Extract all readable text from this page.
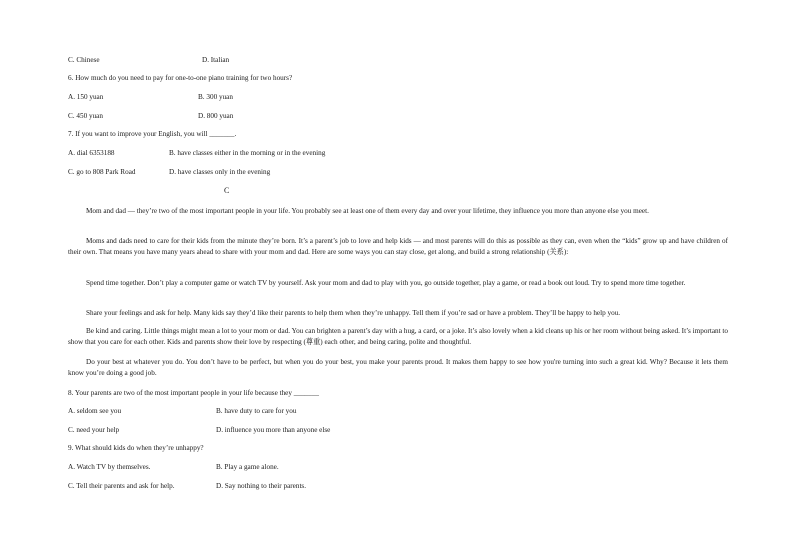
C. Chinese	D. Italian
6. How much do you need to pay for one-to-one piano training for two hours?
A. 150 yuan	B. 300 yuan
C. 450 yuan	D. 800 yuan
7. If you want to improve your English, you will _______.
A. dial 6353188	B. have classes either in the morning or in the evening
C. go to 808 Park Road	D. have classes only in the evening
C
Mom and dad — they’re two of the most important people in your life. You probably see at least one of them every day and over your lifetime, they influence you more than anyone else you meet.
Moms and dads need to care for their kids from the minute they’re born. It’s a parent’s job to love and help kids — and most parents will do this as possible as they can, even when the “kids” grow up and have children of their own. That means you have many years ahead to share with your mom and dad. Here are some ways you can stay close, get along, and build a strong relationship (关系):
Spend time together. Don’t play a computer game or watch TV by yourself. Ask your mom and dad to play with you, go outside together, play a game, or read a book out loud. Try to spend more time together.
Share your feelings and ask for help. Many kids say they’d like their parents to help them when they’re unhappy. Tell them if you’re sad or have a problem. They’ll be happy to help you.
Be kind and caring. Little things might mean a lot to your mom or dad. You can brighten a parent’s day with a hug, a card, or a joke. It’s also lovely when a kid cleans up his or her room without being asked. It’s important to show that you care for each other. Kids and parents show their love by respecting (尊重) each other, and being caring, polite and thoughtful.
Do your best at whatever you do. You don’t have to be perfect, but when you do your best, you make your parents proud. It makes them happy to see how you're turning into such a great kid. Why? Because it lets them know you’re doing a good job.
8. Your parents are two of the most important people in your life because they _______
A. seldom see you	B. have duty to care for you
C. need your help	D. influence you more than anyone else
9. What should kids do when they’re unhappy?
A. Watch TV by themselves.	B. Play a game alone.
C. Tell their parents and ask for help.	D. Say nothing to their parents.
